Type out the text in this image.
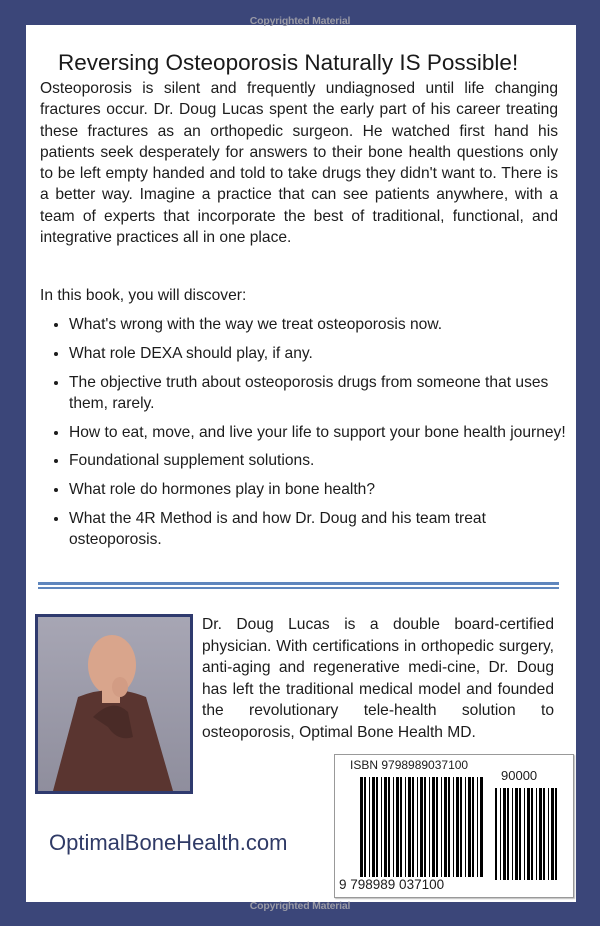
Copyrighted Material
Reversing Osteoporosis Naturally IS Possible!
Osteoporosis is silent and frequently undiagnosed until life changing fractures occur. Dr. Doug Lucas spent the early part of his career treating these fractures as an orthopedic surgeon. He watched first hand his patients seek desperately for answers to their bone health questions only to be left empty handed and told to take drugs they didn't want to. There is a better way. Imagine a practice that can see patients anywhere, with a team of experts that incorporate the best of traditional, functional, and integrative practices all in one place.
In this book, you will discover:
• What's wrong with the way we treat osteoporosis now.
• What role DEXA should play, if any.
• The objective truth about osteoporosis drugs from someone that uses them, rarely.
• How to eat, move, and live your life to support your bone health journey!
• Foundational supplement solutions.
• What role do hormones play in bone health?
• What the 4R Method is and how Dr. Doug and his team treat osteoporosis.
Dr. Doug Lucas is a double board-certified physician. With certifications in orthopedic surgery, anti-aging and regenerative medi-cine, Dr. Doug has left the traditional medical model and founded the revolutionary tele-health solution to osteoporosis, Optimal Bone Health MD.
OptimalBoneHealth.com
ISBN 9798989037100
90000
9 798989 037100
Copyrighted Material
